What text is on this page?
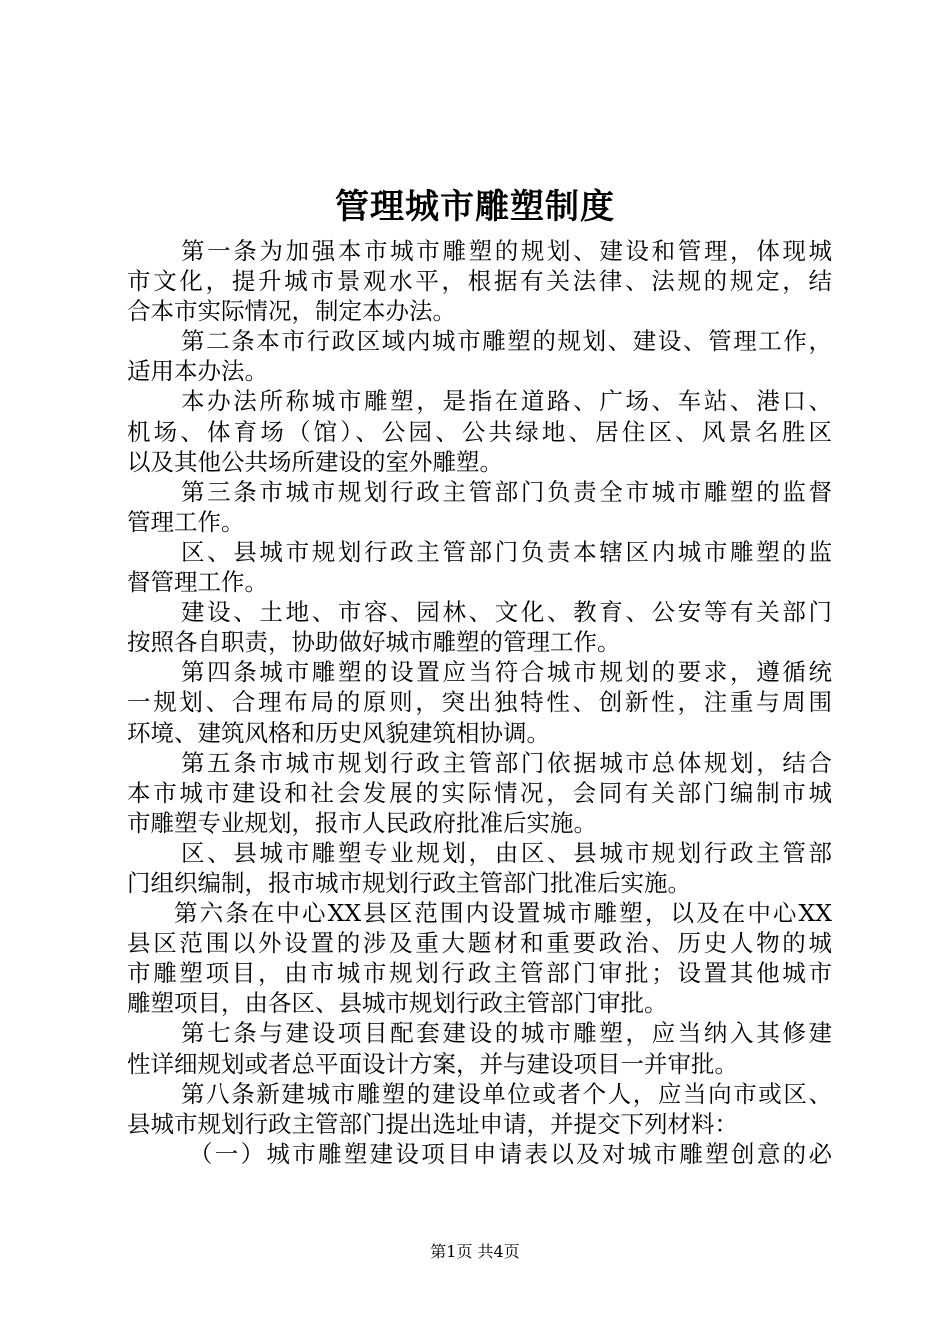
管理城市雕塑制度
第一条为加强本市城市雕塑的规划、建设和管理，体现城
市文化，提升城市景观水平，根据有关法律、法规的规定，结
合本市实际情况，制定本办法。
第二条本市行政区域内城市雕塑的规划、建设、管理工作，
适用本办法。
本办法所称城市雕塑，是指在道路、广场、车站、港口、
机场、体育场（馆）、公园、公共绿地、居住区、风景名胜区
以及其他公共场所建设的室外雕塑。
第三条市城市规划行政主管部门负责全市城市雕塑的监督
管理工作。
区、县城市规划行政主管部门负责本辖区内城市雕塑的监
督管理工作。
建设、土地、市容、园林、文化、教育、公安等有关部门
按照各自职责，协助做好城市雕塑的管理工作。
第四条城市雕塑的设置应当符合城市规划的要求，遵循统
一规划、合理布局的原则，突出独特性、创新性，注重与周围
环境、建筑风格和历史风貌建筑相协调。
第五条市城市规划行政主管部门依据城市总体规划，结合
本市城市建设和社会发展的实际情况，会同有关部门编制市城
市雕塑专业规划，报市人民政府批准后实施。
区、县城市雕塑专业规划，由区、县城市规划行政主管部
门组织编制，报市城市规划行政主管部门批准后实施。
第六条在中心XX县区范围内设置城市雕塑，以及在中心XX
县区范围以外设置的涉及重大题材和重要政治、历史人物的城
市雕塑项目，由市城市规划行政主管部门审批；设置其他城市
雕塑项目，由各区、县城市规划行政主管部门审批。
第七条与建设项目配套建设的城市雕塑，应当纳入其修建
性详细规划或者总平面设计方案，并与建设项目一并审批。
第八条新建城市雕塑的建设单位或者个人，应当向市或区、
县城市规划行政主管部门提出选址申请，并提交下列材料：
（一）城市雕塑建设项目申请表以及对城市雕塑创意的必
第1页 共4页
